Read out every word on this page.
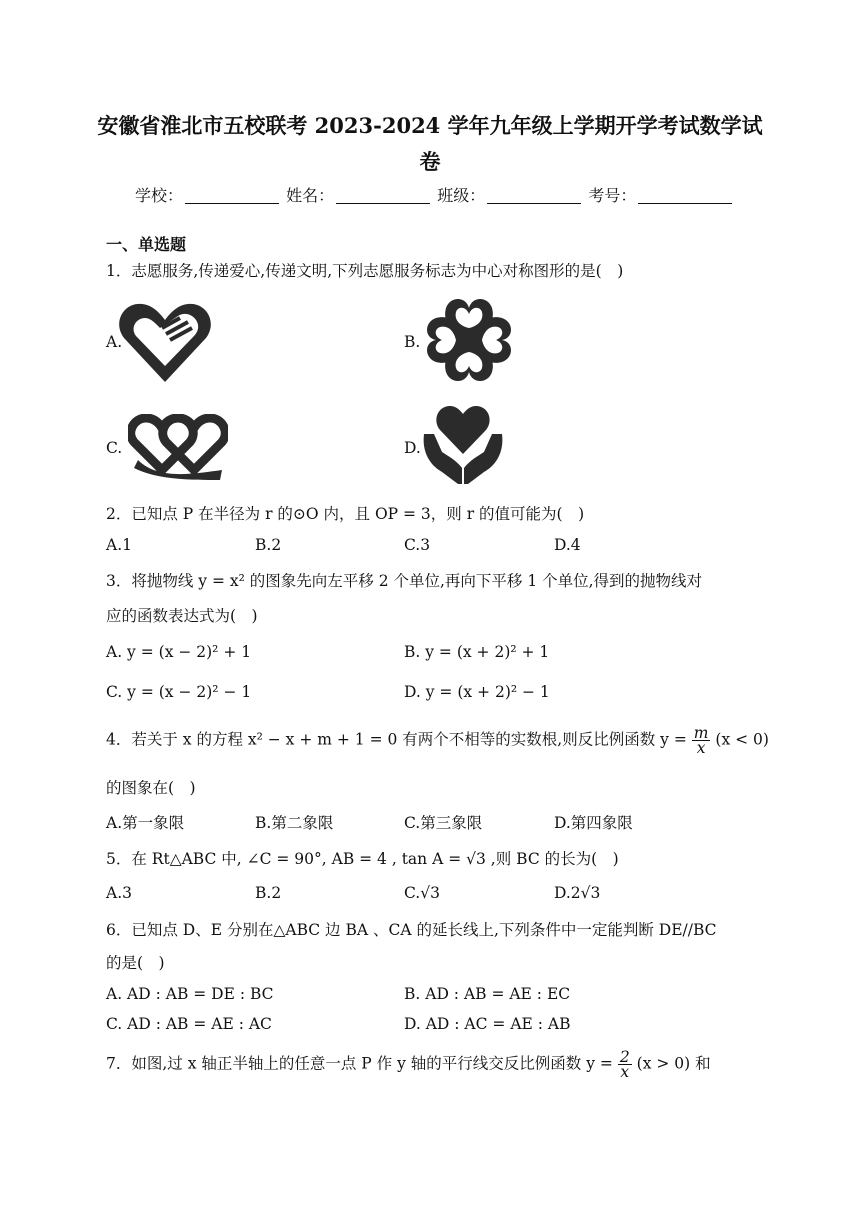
安徽省淮北市五校联考 2023-2024 学年九年级上学期开学考试数学试
卷
学校：	姓名：	班级：	考号：
一、单选题
1．志愿服务,传递爱心,传递文明,下列志愿服务标志为中心对称图形的是(　)
A.	B.
C.	D.
2．已知点 P 在半径为 r 的⊙O 内，且 OP = 3，则 r 的值可能为(　)
A.1	B.2	C.3	D.4
3．将抛物线 y = x² 的图象先向左平移 2 个单位,再向下平移 1 个单位,得到的抛物线对
应的函数表达式为(　)
A. y = (x − 2)² + 1	B. y = (x + 2)² + 1
C. y = (x − 2)² − 1	D. y = (x + 2)² − 1
4．若关于 x 的方程 x² − x + m + 1 = 0 有两个不相等的实数根,则反比例函数 $y = \frac{m}{x} (x < 0)$
的图象在(　)
A.第一象限	B.第二象限	C.第三象限	D.第四象限
5．在 Rt△ABC 中, ∠C = 90°, AB = 4 , tan A = √3 ,则 BC 的长为(　)
A.3	B.2	C.√3	D.2√3
6．已知点 D、E 分别在△ABC 边 BA 、CA 的延长线上,下列条件中一定能判断 DE//BC
的是(　)
A. AD : AB = DE : BC	B. AD : AB = AE : EC
C. AD : AB = AE : AC	D. AD : AC = AE : AB
7．如图,过 x 轴正半轴上的任意一点 P 作 y 轴的平行线交反比例函数 $y = \frac{2}{x} (x > 0)$ 和
